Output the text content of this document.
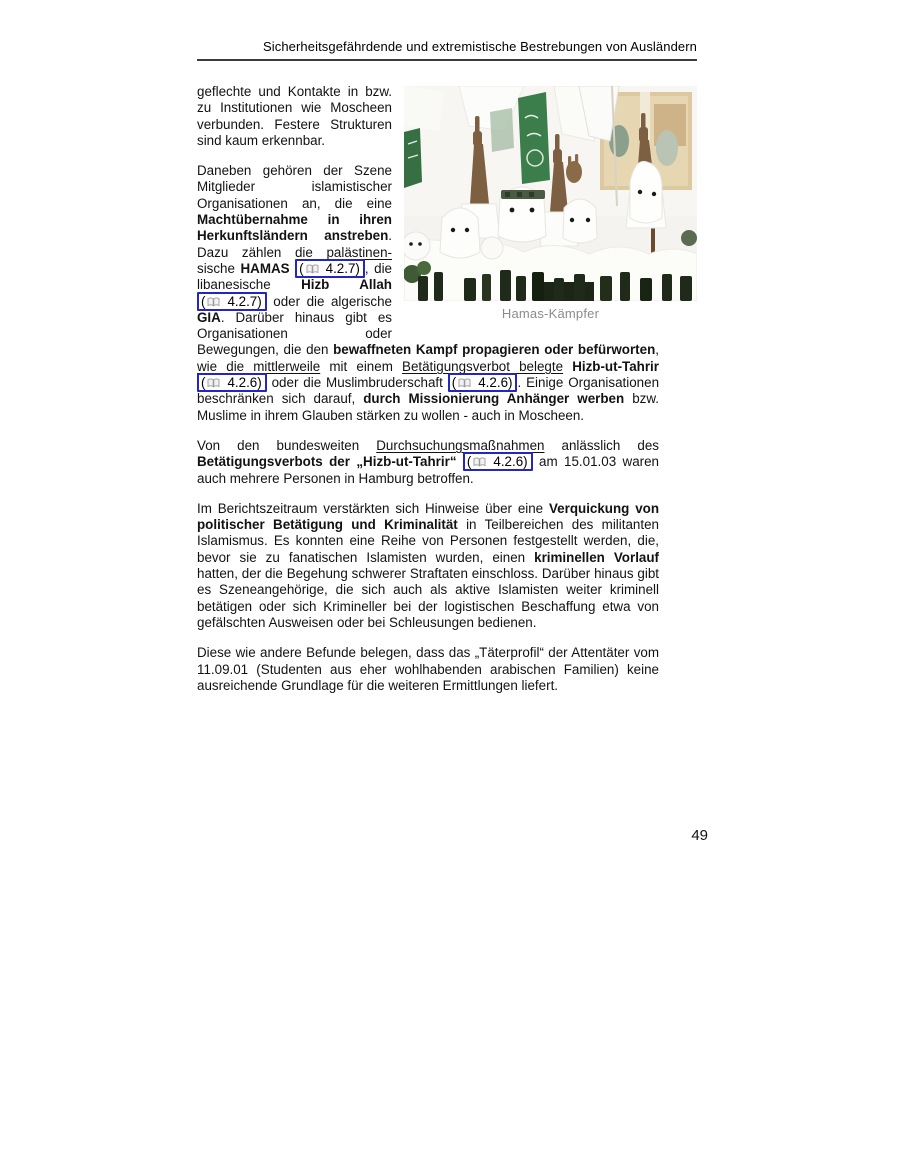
Sicherheitsgefährdende und extremistische Bestrebungen von Ausländern
Hamas-Kämpfer

geflechte und Kontakte in bzw. zu Institutionen wie Moscheen verbunden. Festere Strukturen sind kaum erkennbar.

Daneben gehören der Szene Mitglieder islamistischer Organisationen an, die eine Machtübernahme in ihren Herkunftsländern anstreben. Dazu zählen die palästinensische HAMAS ( 4.2.7) , die libanesische Hizb Allah ( 4.2.7) oder die algerische GIA. Darüber hinaus gibt es Organisationen oder Bewegungen, die den bewaffneten Kampf propagieren oder befürworten, wie die mittlerweile mit einem Betätigungsverbot belegte Hizb-ut-Tahrir ( 4.2.6) oder die Muslimbruderschaft ( 4.2.6) . Einige Organisationen beschränken sich darauf, durch Missionierung Anhänger werben bzw. Muslime in ihrem Glauben stärken zu wollen - auch in Moscheen.

Von den bundesweiten Durchsuchungsmaßnahmen anlässlich des Betätigungsverbots der „Hizb-ut-Tahrir“ ( 4.2.6) am 15.01.03 waren auch mehrere Personen in Hamburg betroffen.

Im Berichtszeitraum verstärkten sich Hinweise über eine Verquickung von politischer Betätigung und Kriminalität in Teilbereichen des militanten Islamismus. Es konnten eine Reihe von Personen festgestellt werden, die, bevor sie zu fanatischen Islamisten wurden, einen kriminellen Vorlauf hatten, der die Begehung schwerer Straftaten einschloss. Darüber hinaus gibt es Szeneangehörige, die sich auch als aktive Islamisten weiter kriminell betätigen oder sich Krimineller bei der logistischen Beschaffung etwa von gefälschten Ausweisen oder bei Schleusungen bedienen.

Diese wie andere Befunde belegen, dass das „Täterprofil“ der Attentäter vom 11.09.01 (Studenten aus eher wohlhabenden arabischen Familien) keine ausreichende Grundlage für die weiteren Ermittlungen liefert.

49
